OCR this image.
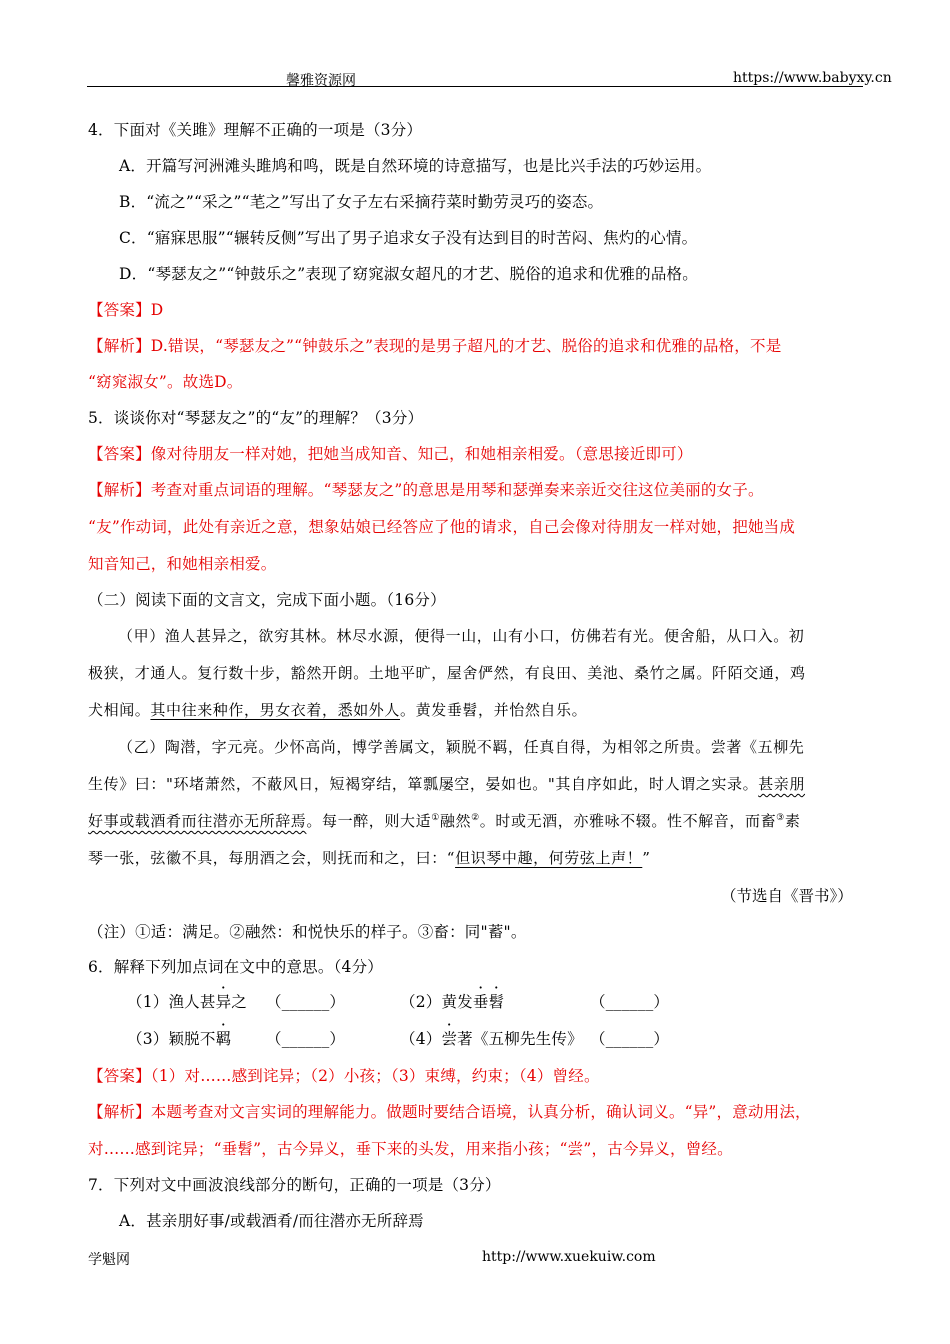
馨雅资源网	https://www.babyxy.cn
4．下面对《关雎》理解不正确的一项是（3分）
A．开篇写河洲滩头雎鸠和鸣，既是自然环境的诗意描写，也是比兴手法的巧妙运用。
B．“流之”“采之”“芼之”写出了女子左右采摘荇菜时勤劳灵巧的姿态。
C．“寤寐思服”“辗转反侧”写出了男子追求女子没有达到目的时苦闷、焦灼的心情。
D．“琴瑟友之”“钟鼓乐之”表现了窈窕淑女超凡的才艺、脱俗的追求和优雅的品格。
【答案】D
【解析】D.错误，“琴瑟友之”“钟鼓乐之”表现的是男子超凡的才艺、脱俗的追求和优雅的品格，不是
“窈窕淑女”。故选D。
5．谈谈你对“琴瑟友之”的“友”的理解？（3分）
【答案】像对待朋友一样对她，把她当成知音、知己，和她相亲相爱。（意思接近即可）
【解析】考查对重点词语的理解。“琴瑟友之”的意思是用琴和瑟弹奏来亲近交往这位美丽的女子。
“友”作动词，此处有亲近之意，想象姑娘已经答应了他的请求，自己会像对待朋友一样对她，把她当成
知音知己，和她相亲相爱。
（二）阅读下面的文言文，完成下面小题。（16分）
（甲）渔人甚异之，欲穷其林。林尽水源，便得一山，山有小口，仿佛若有光。便舍船，从口入。初
极狭，才通人。复行数十步，豁然开朗。土地平旷，屋舍俨然，有良田、美池、桑竹之属。阡陌交通，鸡
犬相闻。其中往来种作，男女衣着，悉如外人。黄发垂髫，并怡然自乐。
（乙）陶潜，字元亮。少怀高尚，博学善属文，颖脱不羁，任真自得，为相邻之所贵。尝著《五柳先
生传》曰："环堵萧然，不蔽风日，短褐穿结，箪瓢屡空，晏如也。"其自序如此，时人谓之实录。甚亲朋
好事或载酒肴而往潜亦无所辞焉。每一醉，则大适①融然②。时或无酒，亦雅咏不辍。性不解音，而畜③素
琴一张，弦徽不具，每朋酒之会，则抚而和之，曰：“但识琴中趣，何劳弦上声！”
（节选自《晋书》）
（注）①适：满足。②融然：和悦快乐的样子。③畜：同"蓄"。
6．解释下列加点词在文中的意思。（4分）
（1）渔人甚异之 （______）	（2）黄发垂髫	（______）
（3）颖脱不羁 （______）	（4）尝著《五柳先生传》 （______）
【答案】（1）对……感到诧异；（2）小孩；（3）束缚，约束；（4）曾经。
【解析】本题考查对文言实词的理解能力。做题时要结合语境，认真分析，确认词义。“异”，意动用法，
对……感到诧异；“垂髫”，古今异义，垂下来的头发，用来指小孩；“尝”，古今异义，曾经。
7．下列对文中画波浪线部分的断句，正确的一项是（3分）
A．甚亲朋好事/或载酒肴/而往潜亦无所辞焉
学魁网	http://www.xuekuiw.com
